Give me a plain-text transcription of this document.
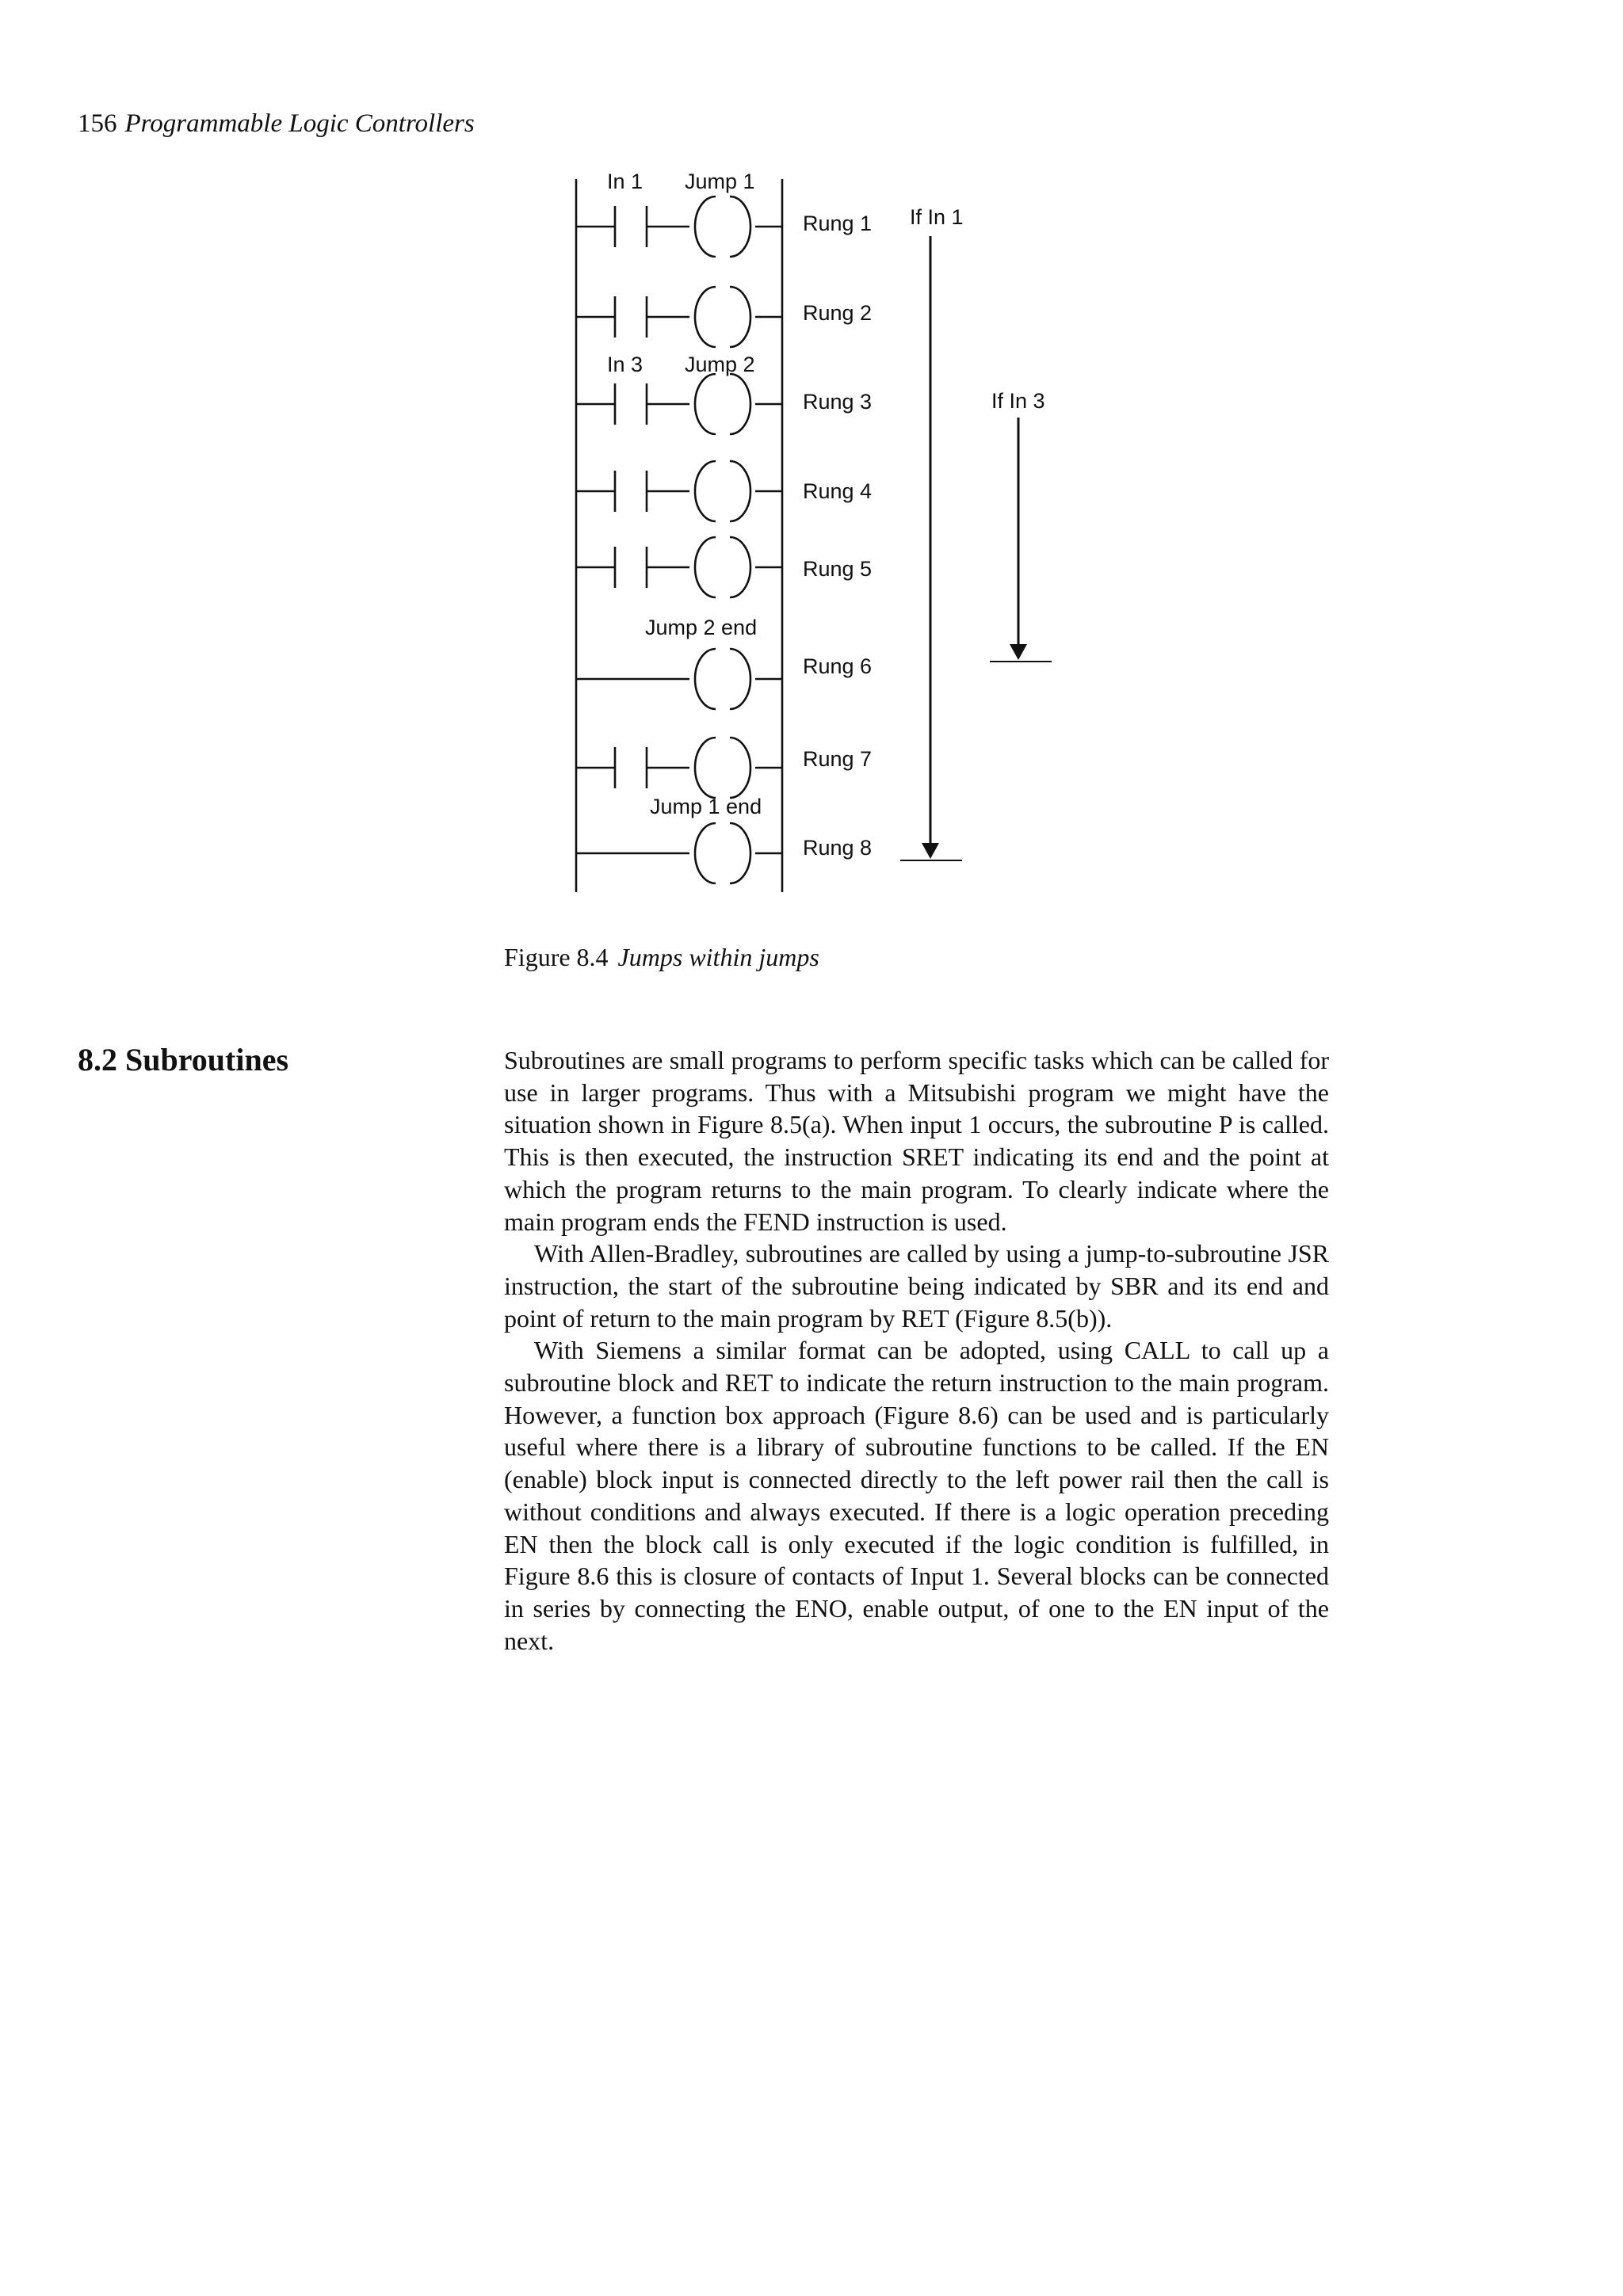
156 Programmable Logic Controllers
In 1 Jump 1
In 3 Jump 2
Jump 2 end
Jump 1 end
Rung 1
Rung 2
Rung 3
Rung 4
Rung 5
Rung 6
Rung 7
Rung 8
If In 1
If In 3
Figure 8.4 Jumps within jumps
8.2 Subroutines	Subroutines are small programs to perform specific tasks which can be called for use in larger programs. Thus with a Mitsubishi program we might have the situation shown in Figure 8.5(a). When input 1 occurs, the subroutine P is called. This is then executed, the instruction SRET indicating its end and the point at which the program returns to the main program. To clearly indicate where the main program ends the FEND instruction is used.

With Allen-Bradley, subroutines are called by using a jump-to-subroutine JSR instruction, the start of the subroutine being indicated by SBR and its end and point of return to the main program by RET (Figure 8.5(b)).

With Siemens a similar format can be adopted, using CALL to call up a subroutine block and RET to indicate the return instruction to the main program. However, a function box approach (Figure 8.6) can be used and is particularly useful where there is a library of subroutine functions to be called. If the EN (enable) block input is connected directly to the left power rail then the call is without conditions and always executed. If there is a logic operation preceding EN then the block call is only executed if the logic condition is fulfilled, in Figure 8.6 this is closure of contacts of Input 1. Several blocks can be connected in series by connecting the ENO, enable output, of one to the EN input of the next.
